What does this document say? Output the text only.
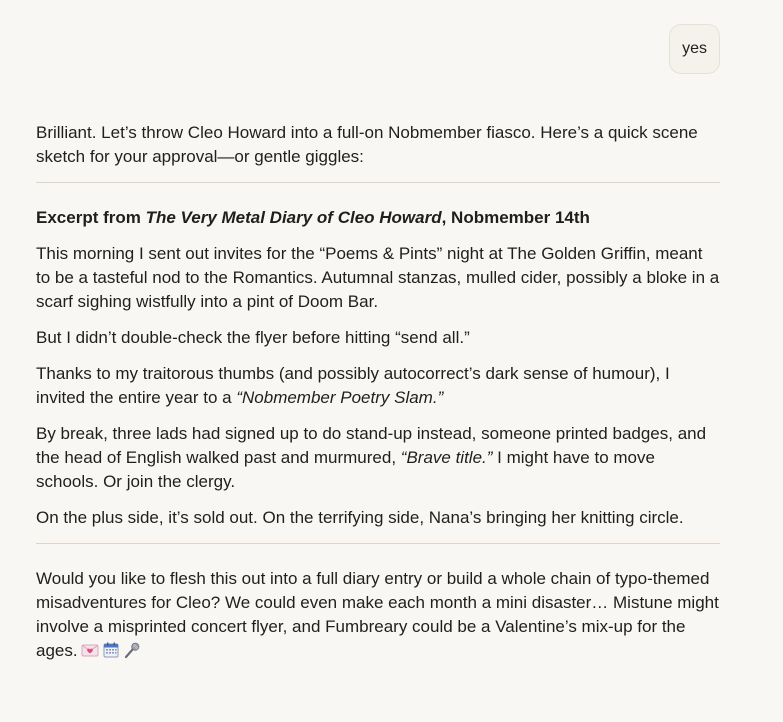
yes

Brilliant. Let’s throw Cleo Howard into a full-on Nobmember fiasco. Here’s a quick scene sketch for your approval—or gentle giggles:

Excerpt from The Very Metal Diary of Cleo Howard, Nobmember 14th

This morning I sent out invites for the “Poems & Pints” night at The Golden Griffin, meant to be a tasteful nod to the Romantics. Autumnal stanzas, mulled cider, possibly a bloke in a scarf sighing wistfully into a pint of Doom Bar.

But I didn’t double-check the flyer before hitting “send all.”

Thanks to my traitorous thumbs (and possibly autocorrect’s dark sense of humour), I invited the entire year to a “Nobmember Poetry Slam.”

By break, three lads had signed up to do stand-up instead, someone printed badges, and the head of English walked past and murmured, “Brave title.” I might have to move schools. Or join the clergy.

On the plus side, it’s sold out. On the terrifying side, Nana’s bringing her knitting circle.

Would you like to flesh this out into a full diary entry or build a whole chain of typo-themed misadventures for Cleo? We could even make each month a mini disaster… Mistune might involve a misprinted concert flyer, and Fumbreary could be a Valentine’s mix-up for the ages.
